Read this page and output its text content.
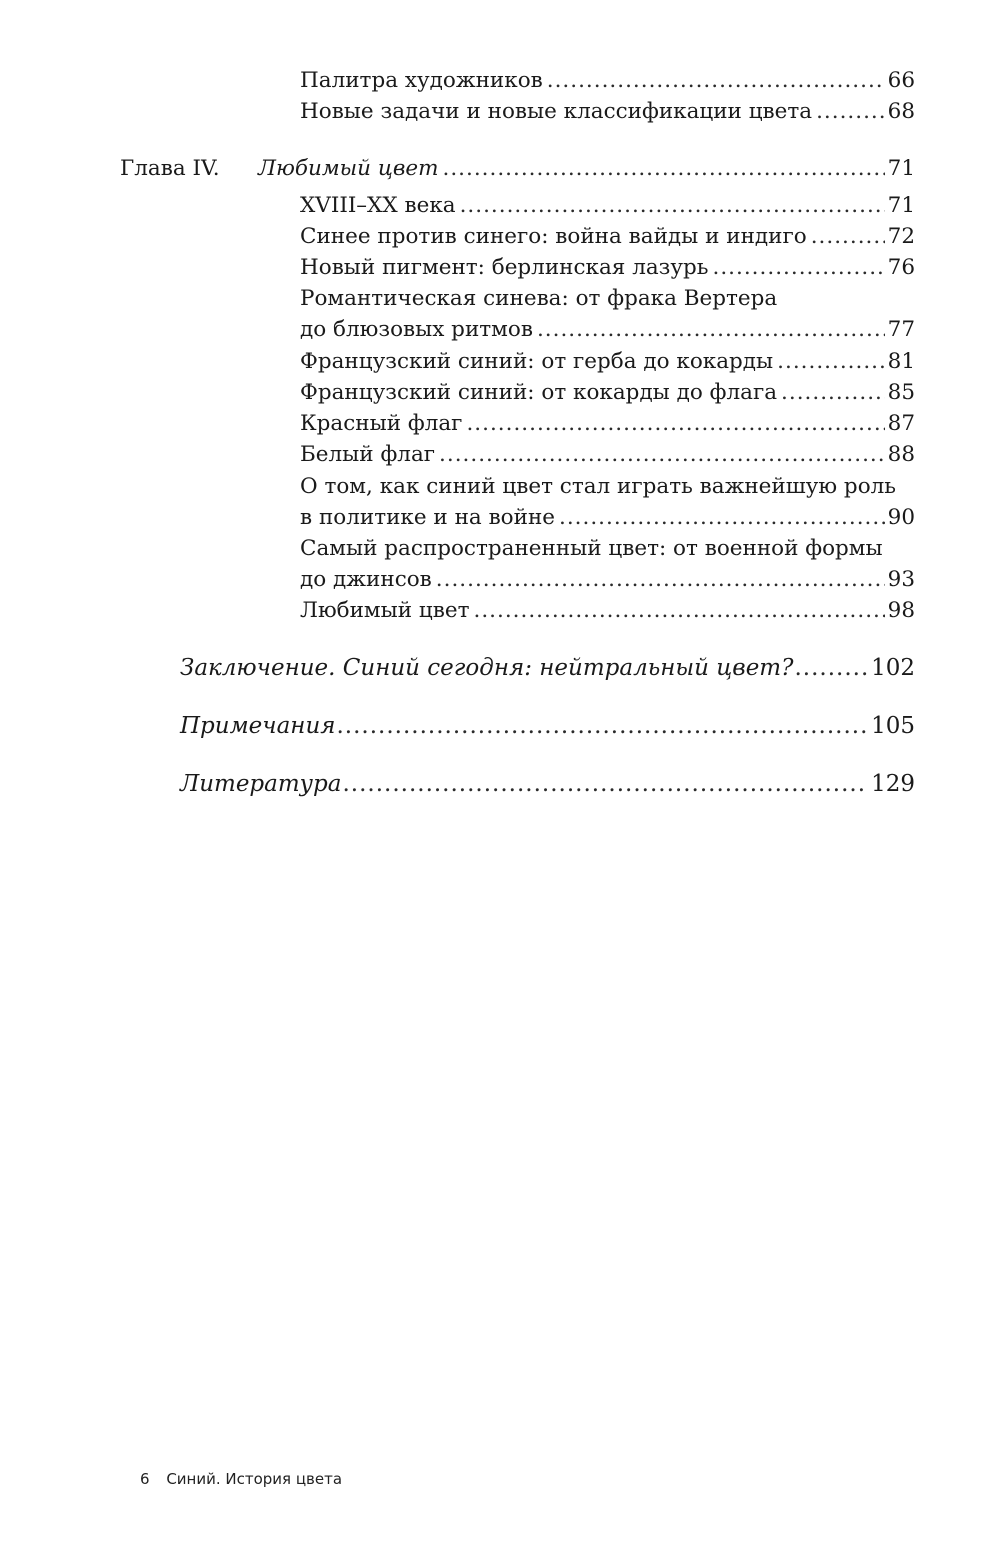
Палитра художников .....	66
Новые задачи и новые классификации цвета .....	68
Глава IV. Любимый цвет .....	71
XVIII–XX века .....	71
Синее против синего: война вайды и индиго .....	72
Новый пигмент: берлинская лазурь .....	76
Романтическая синева: от фрака Вертера
до блюзовых ритмов .....	77
Французский синий: от герба до кокарды .....	81
Французский синий: от кокарды до флага .....	85
Красный флаг .....	87
Белый флаг .....	88
О том, как синий цвет стал играть важнейшую роль
в политике и на войне .....	90
Самый распространенный цвет: от военной формы
до джинсов .....	93
Любимый цвет .....	98
Заключение. Синий сегодня: нейтральный цвет? .....	102
Примечания .....	105
Литература .....	129
6 Синий. История цвета
